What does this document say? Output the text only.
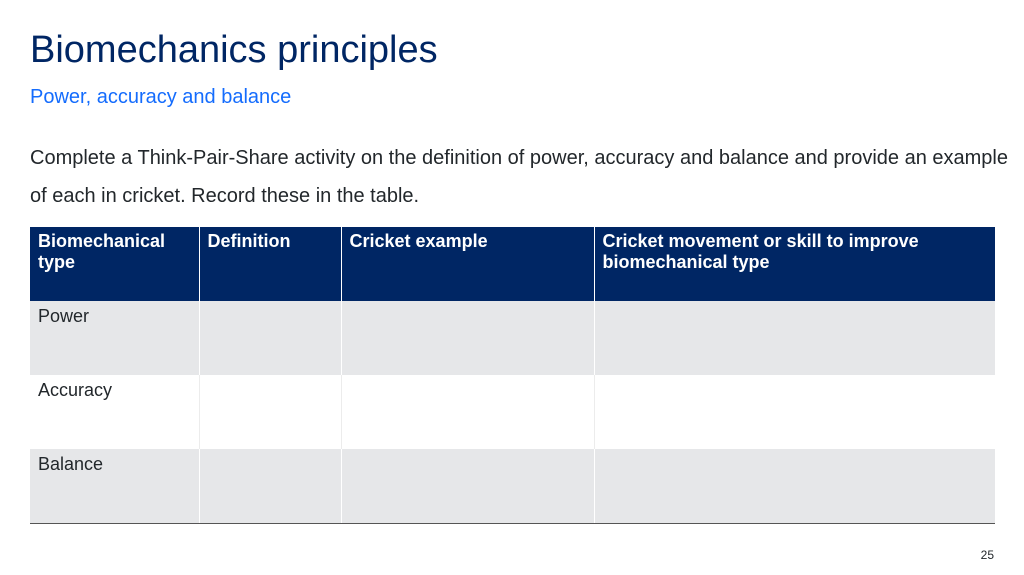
Biomechanics principles
Power, accuracy and balance
Complete a Think-Pair-Share activity on the definition of power, accuracy and balance and provide an example of each in cricket. Record these in the table.
Biomechanical type	Definition	Cricket example	Cricket movement or skill to improve biomechanical type
Power			
Accuracy			
Balance			
25
